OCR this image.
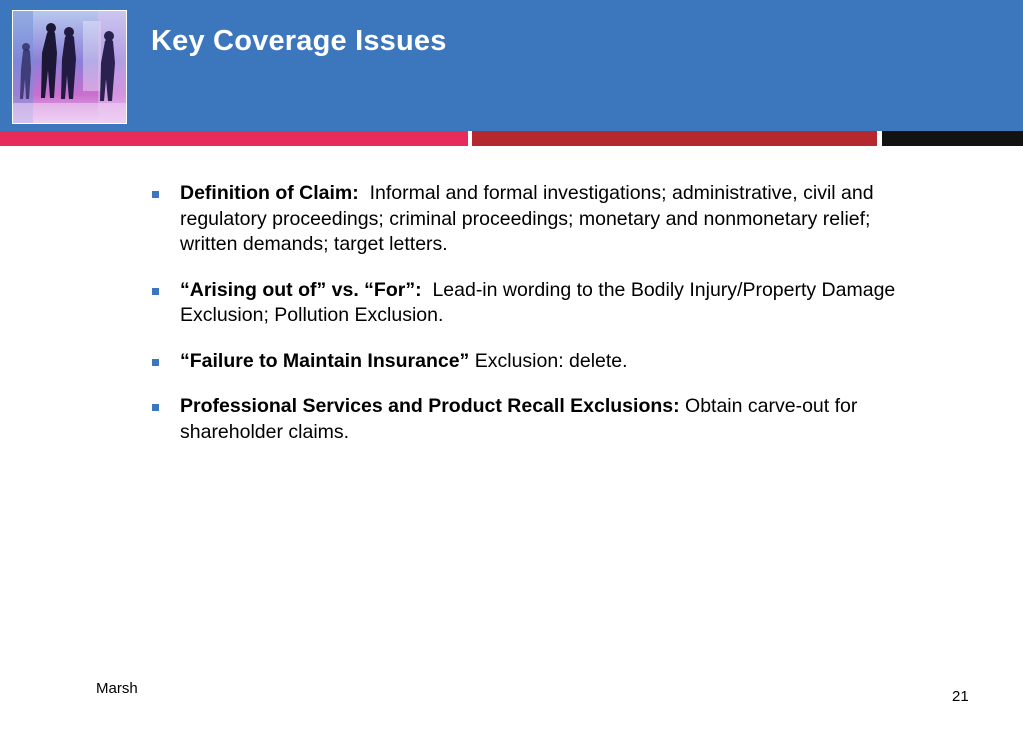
Key Coverage Issues
Definition of Claim: Informal and formal investigations; administrative, civil and regulatory proceedings; criminal proceedings; monetary and nonmonetary relief; written demands; target letters.
“Arising out of” vs. “For”: Lead-in wording to the Bodily Injury/Property Damage Exclusion; Pollution Exclusion.
“Failure to Maintain Insurance” Exclusion: delete.
Professional Services and Product Recall Exclusions: Obtain carve-out for shareholder claims.
Marsh	21
